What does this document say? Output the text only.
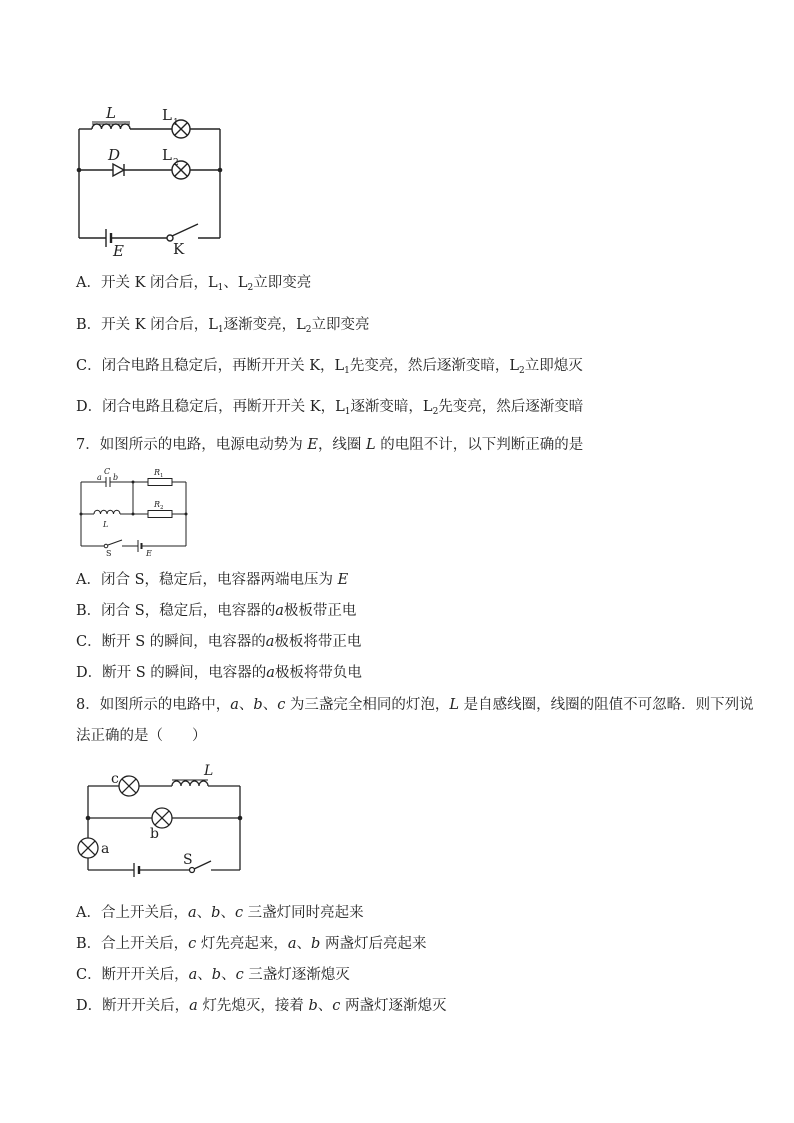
L	L 1
D	L 2
E	K
A．开关 K 闭合后，$L_1$、$L_2$立即变亮
B．开关 K 闭合后，$L_1$逐渐变亮，$L_2$立即变亮
C．闭合电路且稳定后，再断开开关 K，$L_1$先变亮，然后逐渐变暗，$L_2$立即熄灭
D．闭合电路且稳定后，再断开开关 K，$L_1$逐渐变暗，$L_2$先变亮，然后逐渐变暗
7．如图所示的电路，电源电动势为 E，线圈 L 的电阻不计，以下判断正确的是
a
C
b
R 1
R 2
L
S	E
A．闭合 S，稳定后，电容器两端电压为 E
B．闭合 S，稳定后，电容器的a极板带正电
C．断开 S 的瞬间，电容器的a极板将带正电
D．断开 S 的瞬间，电容器的a极板将带负电
8．如图所示的电路中，a、b、c 为三盏完全相同的灯泡，L 是自感线圈，线圈的阻值不可忽略．则下列说
法正确的是（　　）
c	L
b
a
S
A．合上开关后，a、b、c 三盏灯同时亮起来
B．合上开关后，c 灯先亮起来，a、b 两盏灯后亮起来
C．断开开关后，a、b、c 三盏灯逐渐熄灭
D．断开开关后，a 灯先熄灭，接着 b、c 两盏灯逐渐熄灭
